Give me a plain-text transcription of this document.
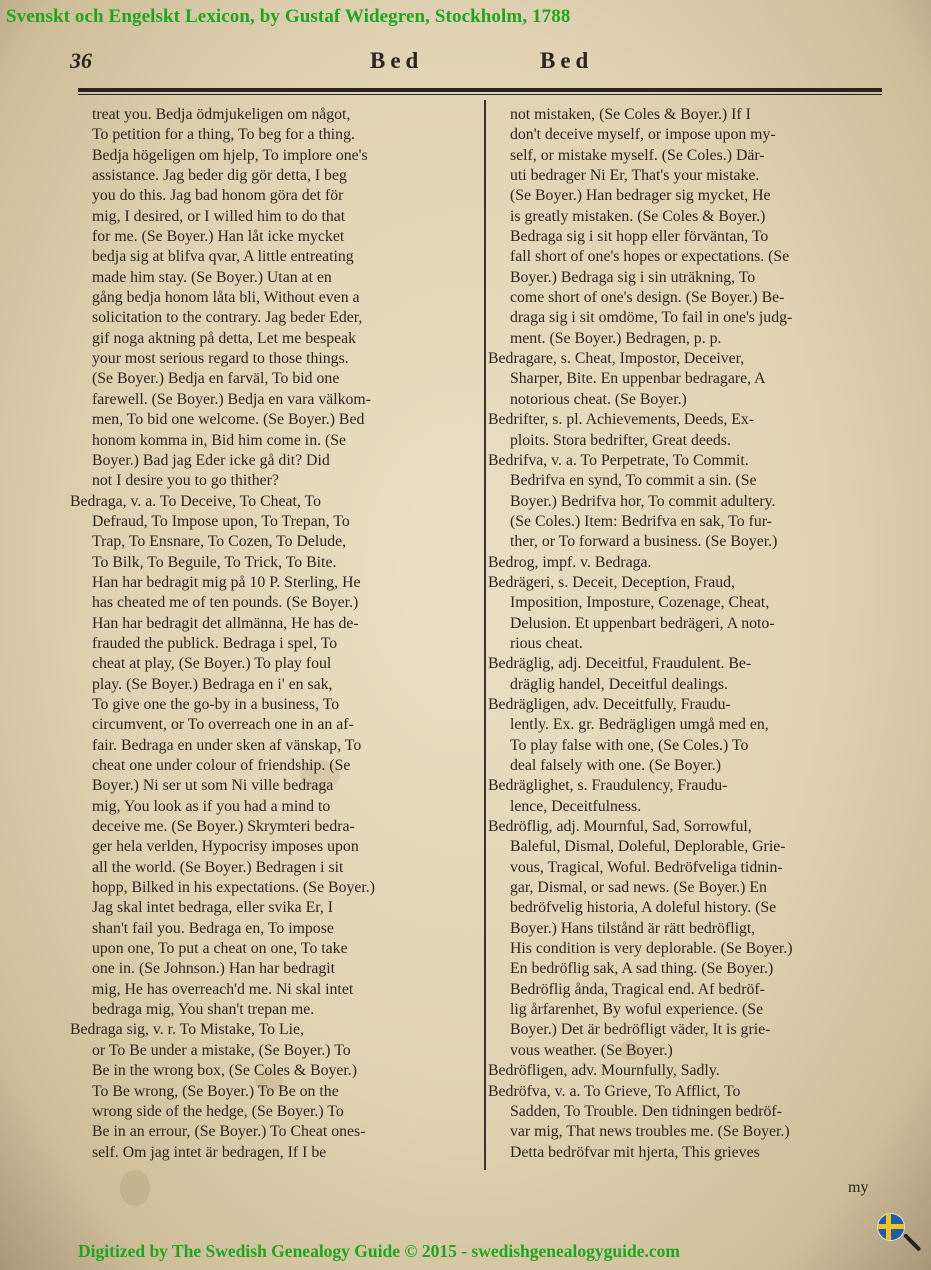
Svenskt och Engelskt Lexicon, by Gustaf Widegren, Stockholm, 1788
36	Bed	Bed
treat you. Bedja ödmjukeligen om något,
To petition for a thing, To beg for a thing.
Bedja högeligen om hjelp, To implore one's
assistance. Jag beder dig gör detta, I beg
you do this. Jag bad honom göra det för
mig, I desired, or I willed him to do that
for me. (Se Boyer.) Han låt icke mycket
bedja sig at blifva qvar, A little entreating
made him stay. (Se Boyer.) Utan at en
gång bedja honom låta bli, Without even a
solicitation to the contrary. Jag beder Eder,
gif noga aktning på detta, Let me bespeak
your most serious regard to those things.
(Se Boyer.) Bedja en farväl, To bid one
farewell. (Se Boyer.) Bedja en vara välkom-
men, To bid one welcome. (Se Boyer.) Bed
honom komma in, Bid him come in. (Se
Boyer.) Bad jag Eder icke gå dit? Did
not I desire you to go thither?
Bedraga, v. a. To Deceive, To Cheat, To
Defraud, To Impose upon, To Trepan, To
Trap, To Ensnare, To Cozen, To Delude,
To Bilk, To Beguile, To Trick, To Bite.
Han har bedragit mig på 10 P. Sterling, He
has cheated me of ten pounds. (Se Boyer.)
Han har bedragit det allmänna, He has de-
frauded the publick. Bedraga i spel, To
cheat at play, (Se Boyer.) To play foul
play. (Se Boyer.) Bedraga en i' en sak,
To give one the go-by in a business, To
circumvent, or To overreach one in an af-
fair. Bedraga en under sken af vänskap, To
cheat one under colour of friendship. (Se
Boyer.) Ni ser ut som Ni ville bedraga
mig, You look as if you had a mind to
deceive me. (Se Boyer.) Skrymteri bedra-
ger hela verlden, Hypocrisy imposes upon
all the world. (Se Boyer.) Bedragen i sit
hopp, Bilked in his expectations. (Se Boyer.)
Jag skal intet bedraga, eller svika Er, I
shan't fail you. Bedraga en, To impose
upon one, To put a cheat on one, To take
one in. (Se Johnson.) Han har bedragit
mig, He has overreach'd me. Ni skal intet
bedraga mig, You shan't trepan me.
Bedraga sig, v. r. To Mistake, To Lie,
or To Be under a mistake, (Se Boyer.) To
Be in the wrong box, (Se Coles & Boyer.)
To Be wrong, (Se Boyer.) To Be on the
wrong side of the hedge, (Se Boyer.) To
Be in an errour, (Se Boyer.) To Cheat ones-
self. Om jag intet är bedragen, If I be
not mistaken, (Se Coles & Boyer.) If I
don't deceive myself, or impose upon my-
self, or mistake myself. (Se Coles.) Där-
uti bedrager Ni Er, That's your mistake.
(Se Boyer.) Han bedrager sig mycket, He
is greatly mistaken. (Se Coles & Boyer.)
Bedraga sig i sit hopp eller förväntan, To
fall short of one's hopes or expectations. (Se
Boyer.) Bedraga sig i sin uträkning, To
come short of one's design. (Se Boyer.) Be-
draga sig i sit omdöme, To fail in one's judg-
ment. (Se Boyer.) Bedragen, p. p.
Bedragare, s. Cheat, Impostor, Deceiver,
Sharper, Bite. En uppenbar bedragare, A
notorious cheat. (Se Boyer.)
Bedrifter, s. pl. Achievements, Deeds, Ex-
ploits. Stora bedrifter, Great deeds.
Bedrifva, v. a. To Perpetrate, To Commit.
Bedrifva en synd, To commit a sin. (Se
Boyer.) Bedrifva hor, To commit adultery.
(Se Coles.) Item: Bedrifva en sak, To fur-
ther, or To forward a business. (Se Boyer.)
Bedrog, impf. v. Bedraga.
Bedrägeri, s. Deceit, Deception, Fraud,
Imposition, Imposture, Cozenage, Cheat,
Delusion. Et uppenbart bedrägeri, A noto-
rious cheat.
Bedräglig, adj. Deceitful, Fraudulent. Be-
dräglig handel, Deceitful dealings.
Bedrägligen, adv. Deceitfully, Fraudu-
lently. Ex. gr. Bedrägligen umgå med en,
To play false with one, (Se Coles.) To
deal falsely with one. (Se Boyer.)
Bedräglighet, s. Fraudulency, Fraudu-
lence, Deceitfulness.
Bedröflig, adj. Mournful, Sad, Sorrowful,
Baleful, Dismal, Doleful, Deplorable, Grie-
vous, Tragical, Woful. Bedröfveliga tidnin-
gar, Dismal, or sad news. (Se Boyer.) En
bedröfvelig historia, A doleful history. (Se
Boyer.) Hans tilstånd är rätt bedröfligt,
His condition is very deplorable. (Se Boyer.)
En bedröflig sak, A sad thing. (Se Boyer.)
Bedröflig ånda, Tragical end. Af bedröf-
lig årfarenhet, By woful experience. (Se
Boyer.) Det är bedröfligt väder, It is grie-
vous weather. (Se Boyer.)
Bedröfligen, adv. Mournfully, Sadly.
Bedröfva, v. a. To Grieve, To Afflict, To
Sadden, To Trouble. Den tidningen bedröf-
var mig, That news troubles me. (Se Boyer.)
Detta bedröfvar mit hjerta, This grieves
my
Digitized by The Swedish Genealogy Guide © 2015 - swedishgenealogyguide.com
